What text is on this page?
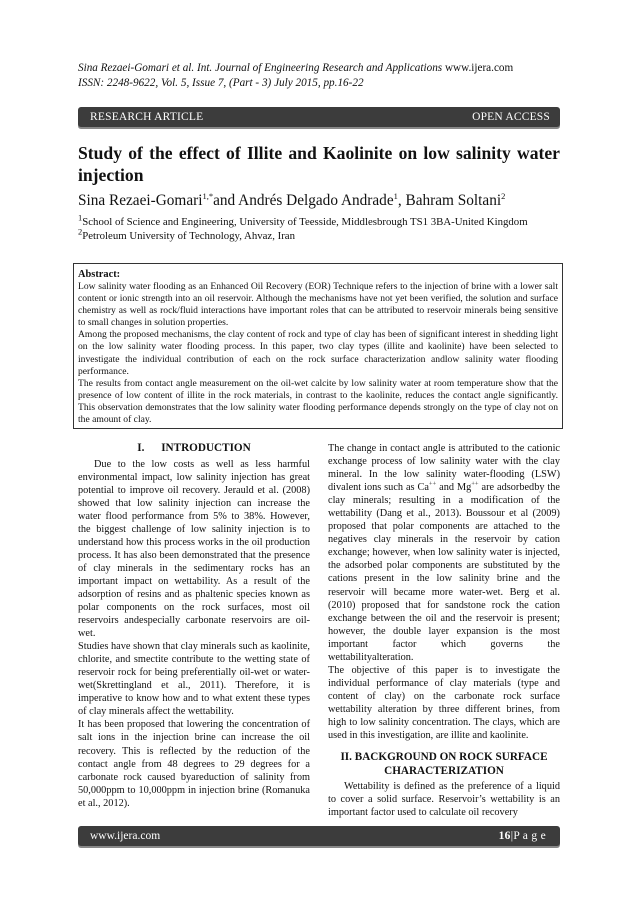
Sina Rezaei-Gomari et al. Int. Journal of Engineering Research and Applications www.ijera.com
ISSN: 2248-9622, Vol. 5, Issue 7, (Part - 3) July 2015, pp.16-22
RESEARCH ARTICLE	OPEN ACCESS
Study of the effect of Illite and Kaolinite on low salinity water injection
Sina Rezaei-Gomari$^{1,*}$and Andrés Delgado Andrade$^1$, Bahram Soltani$^2$
$^1$School of Science and Engineering, University of Teesside, Middlesbrough TS1 3BA-United Kingdom
$^2$Petroleum University of Technology, Ahvaz, Iran
Abstract:

Low salinity water flooding as an Enhanced Oil Recovery (EOR) Technique refers to the injection of brine with a lower salt content or ionic strength into an oil reservoir. Although the mechanisms have not yet been verified, the solution and surface chemistry as well as rock/fluid interactions have important roles that can be attributed to reservoir minerals being sensitive to small changes in solution properties.

Among the proposed mechanisms, the clay content of rock and type of clay has been of significant interest in shedding light on the low salinity water flooding process. In this paper, two clay types (illite and kaolinite) have been selected to investigate the individual contribution of each on the rock surface characterization andlow salinity water flooding performance.

The results from contact angle measurement on the oil-wet calcite by low salinity water at room temperature show that the presence of low content of illite in the rock materials, in contrast to the kaolinite, reduces the contact angle significantly. This observation demonstrates that the low salinity water flooding performance depends strongly on the type of clay not on the amount of clay.

I.      INTRODUCTION

Due to the low costs as well as less harmful environmental impact, low salinity injection has great potential to improve oil recovery. Jerauld et al. (2008) showed that low salinity injection can increase the water flood performance from 5% to 38%. However, the biggest challenge of low salinity injection is to understand how this process works in the oil production process. It has also been demonstrated that the presence of clay minerals in the sedimentary rocks has an important impact on wettability. As a result of the adsorption of resins and as phaltenic species known as polar components on the rock surfaces, most oil reservoirs andespecially carbonate reservoirs are oil-wet.

Studies have shown that clay minerals such as kaolinite, chlorite, and smectite contribute to the wetting state of reservoir rock for being preferentially oil-wet or water-wet(Skrettingland et al., 2011). Therefore, it is imperative to know how and to what extent these types of clay minerals affect the wettability.

It has been proposed that lowering the concentration of salt ions in the injection brine can increase the oil recovery. This is reflected by the reduction of the contact angle from 48 degrees to 29 degrees for a carbonate rock caused byareduction of salinity from 50,000ppm to 10,000ppm in injection brine (Romanuka et al., 2012).

The change in contact angle is attributed to the cationic exchange process of low salinity water with the clay mineral. In the low salinity water-flooding (LSW) divalent ions such as Ca++ and Mg++ are adsorbedby the clay minerals; resulting in a modification of the wettability (Dang et al., 2013). Boussour et al (2009) proposed that polar components are attached to the negatives clay minerals in the reservoir by cation exchange; however, when low salinity water is injected, the adsorbed polar components are substituted by the cations present in the low salinity brine and the reservoir will became more water-wet. Berg et al. (2010) proposed that for sandstone rock the cation exchange between the oil and the reservoir is present; however, the double layer expansion is the most important factor which governs the wettabilityalteration.

The objective of this paper is to investigate the individual performance of clay materials (type and content of clay) on the carbonate rock surface wettability alteration by three different brines, from high to low salinity concentration. The clays, which are used in this investigation, are illite and kaolinite.

II. BACKGROUND ON ROCK SURFACE CHARACTERIZATION

Wettability is defined as the preference of a liquid to cover a solid surface. Reservoir’s wettability is an important factor used to calculate oil recovery

www.ijera.com	16|P a g e
